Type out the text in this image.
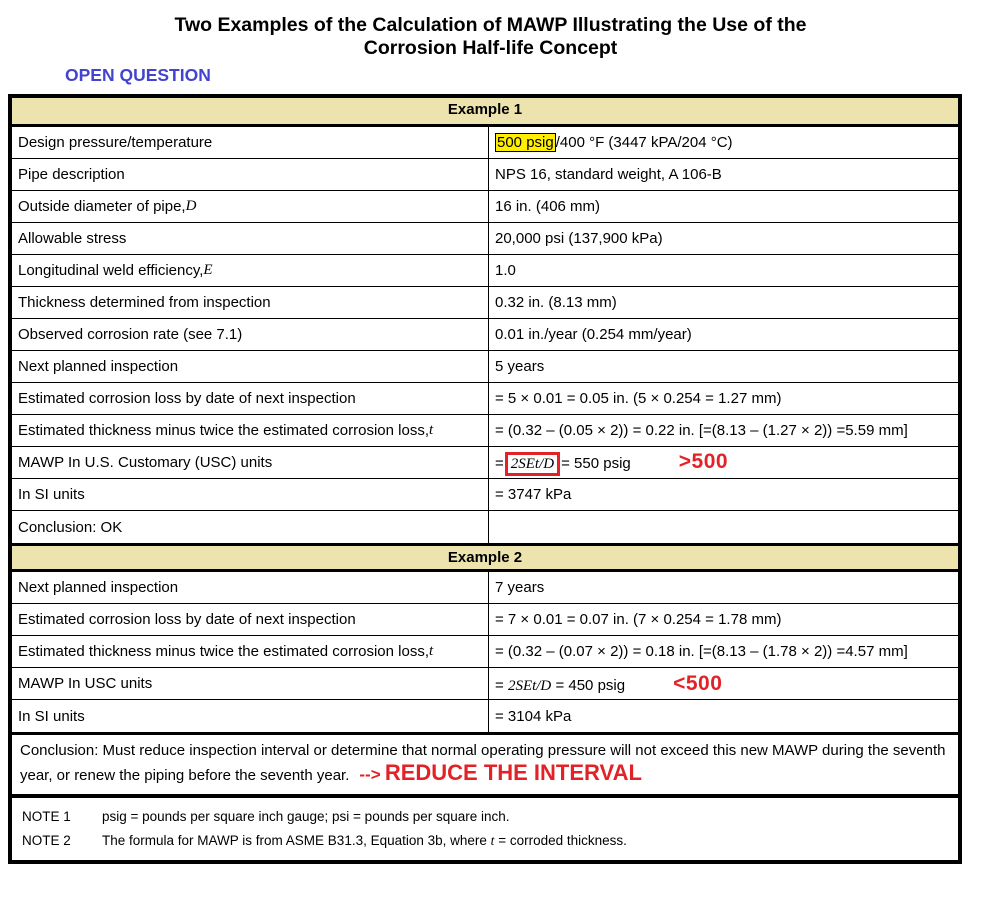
Two Examples of the Calculation of MAWP Illustrating the Use of the
Corrosion Half-life Concept
OPEN QUESTION
Example 1
Design pressure/temperature	500 psig /400 °F (3447 kPA/204 °C)
Pipe description	NPS 16, standard weight, A 106-B
Outside diameter of pipe, D	16 in. (406 mm)
Allowable stress	20,000 psi (137,900 kPa)
Longitudinal weld efficiency, E	1.0
Thickness determined from inspection	0.32 in. (8.13 mm)
Observed corrosion rate (see 7.1)	0.01 in./year (0.254 mm/year)
Next planned inspection	5 years
Estimated corrosion loss by date of next inspection	= 5 × 0.01 = 0.05 in. (5 × 0.254 = 1.27 mm)
Estimated thickness minus twice the estimated corrosion loss, t	= (0.32 – (0.05 × 2)) = 0.22 in. [=(8.13 – (1.27 × 2)) =5.59 mm]
MAWP In U.S. Customary (USC) units	= 2SEt/D = 550 psig >500
In SI units	= 3747 kPa
Conclusion: OK
Example 2
Next planned inspection	7 years
Estimated corrosion loss by date of next inspection	= 7 × 0.01 = 0.07 in. (7 × 0.254 = 1.78 mm)
Estimated thickness minus twice the estimated corrosion loss, t	= (0.32 – (0.07 × 2)) = 0.18 in. [=(8.13 – (1.78 × 2)) =4.57 mm]
MAWP In USC units	= 2SEt/D = 450 psig <500
In SI units	= 3104 kPa
Conclusion: Must reduce inspection interval or determine that normal operating pressure will not exceed this new MAWP during the seventh year, or renew the piping before the seventh year. --> REDUCE THE INTERVAL
NOTE 1	psig = pounds per square inch gauge; psi = pounds per square inch.
NOTE 2	The formula for MAWP is from ASME B31.3, Equation 3b, where t = corroded thickness.
